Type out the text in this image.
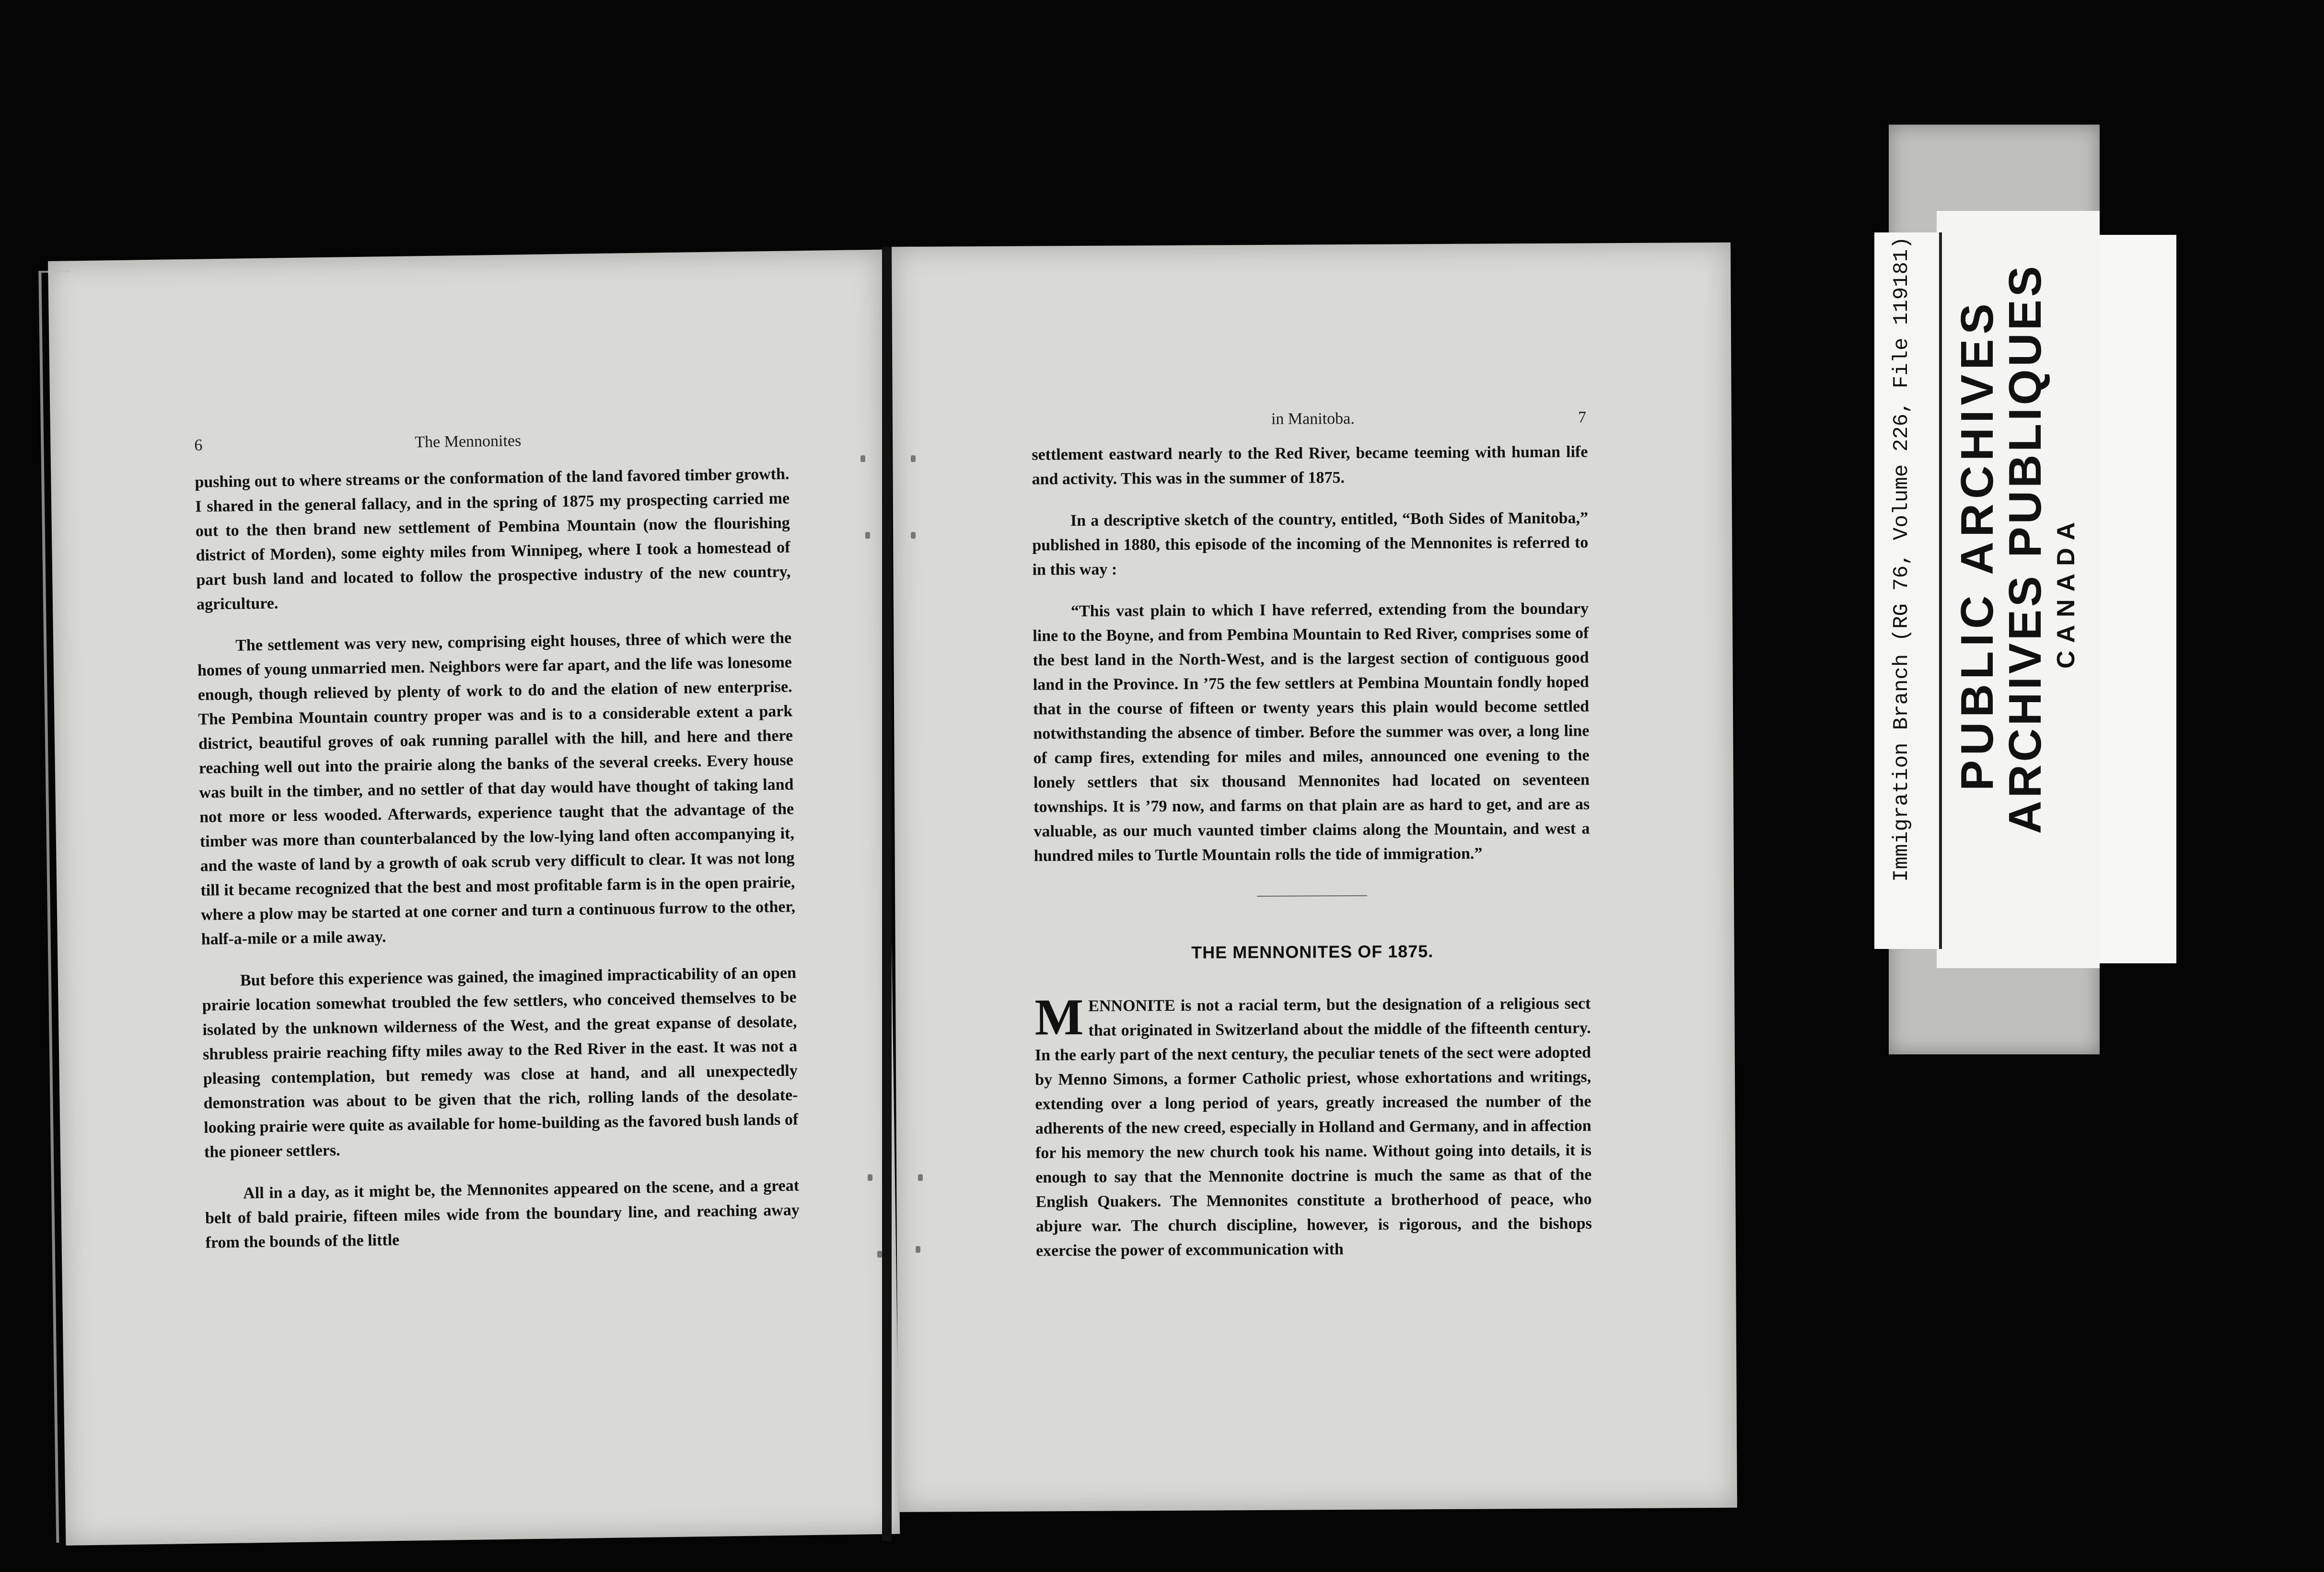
6	The Mennonites

pushing out to where streams or the conformation of the land favored timber growth. I shared in the general fallacy, and in the spring of 1875 my prospecting carried me out to the then brand new settlement of Pembina Mountain (now the flourishing district of Morden), some eighty miles from Winnipeg, where I took a homestead of part bush land and located to follow the prospective industry of the new country, agriculture.

The settlement was very new, comprising eight houses, three of which were the homes of young unmarried men. Neighbors were far apart, and the life was lonesome enough, though relieved by plenty of work to do and the elation of new enterprise. The Pembina Mountain country proper was and is to a considerable extent a park district, beautiful groves of oak running parallel with the hill, and here and there reaching well out into the prairie along the banks of the several creeks. Every house was built in the timber, and no settler of that day would have thought of taking land not more or less wooded. Afterwards, experience taught that the advantage of the timber was more than counterbalanced by the low-lying land often accompanying it, and the waste of land by a growth of oak scrub very difficult to clear. It was not long till it became recognized that the best and most profitable farm is in the open prairie, where a plow may be started at one corner and turn a continuous furrow to the other, half-a-mile or a mile away.

But before this experience was gained, the imagined impracticability of an open prairie location somewhat troubled the few settlers, who conceived themselves to be isolated by the unknown wilderness of the West, and the great expanse of desolate, shrubless prairie reaching fifty miles away to the Red River in the east. It was not a pleasing contemplation, but remedy was close at hand, and all unexpectedly demonstration was about to be given that the rich, rolling lands of the desolate-looking prairie were quite as available for home-building as the favored bush lands of the pioneer settlers.

All in a day, as it might be, the Mennonites appeared on the scene, and a great belt of bald prairie, fifteen miles wide from the boundary line, and reaching away from the bounds of the little

in Manitoba.	7

settlement eastward nearly to the Red River, became teeming with human life and activity. This was in the summer of 1875.

In a descriptive sketch of the country, entitled, “Both Sides of Manitoba,” published in 1880, this episode of the incoming of the Mennonites is referred to in this way :

“This vast plain to which I have referred, extending from the boundary line to the Boyne, and from Pembina Mountain to Red River, comprises some of the best land in the North-West, and is the largest section of contiguous good land in the Province. In ’75 the few settlers at Pembina Mountain fondly hoped that in the course of fifteen or twenty years this plain would become settled notwithstanding the absence of timber. Before the summer was over, a long line of camp fires, extending for miles and miles, announced one evening to the lonely settlers that six thousand Mennonites had located on seventeen townships. It is ’79 now, and farms on that plain are as hard to get, and are as valuable, as our much vaunted timber claims along the Mountain, and west a hundred miles to Turtle Mountain rolls the tide of immigration.”

THE MENNONITES OF 1875.

MENNONITE is not a racial term, but the designation of a religious sect that originated in Switzerland about the middle of the fifteenth century. In the early part of the next century, the peculiar tenets of the sect were adopted by Menno Simons, a former Catholic priest, whose exhortations and writings, extending over a long period of years, greatly increased the number of the adherents of the new creed, especially in Holland and Germany, and in affection for his memory the new church took his name. Without going into details, it is enough to say that the Mennonite doctrine is much the same as that of the English Quakers. The Mennonites constitute a brotherhood of peace, who abjure war. The church discipline, however, is rigorous, and the bishops exercise the power of excommunication with

Immigration Branch (RG 76, Volume 226, File 119181) PUBLIC ARCHIVES
ARCHIVES PUBLIQUES CANADA
